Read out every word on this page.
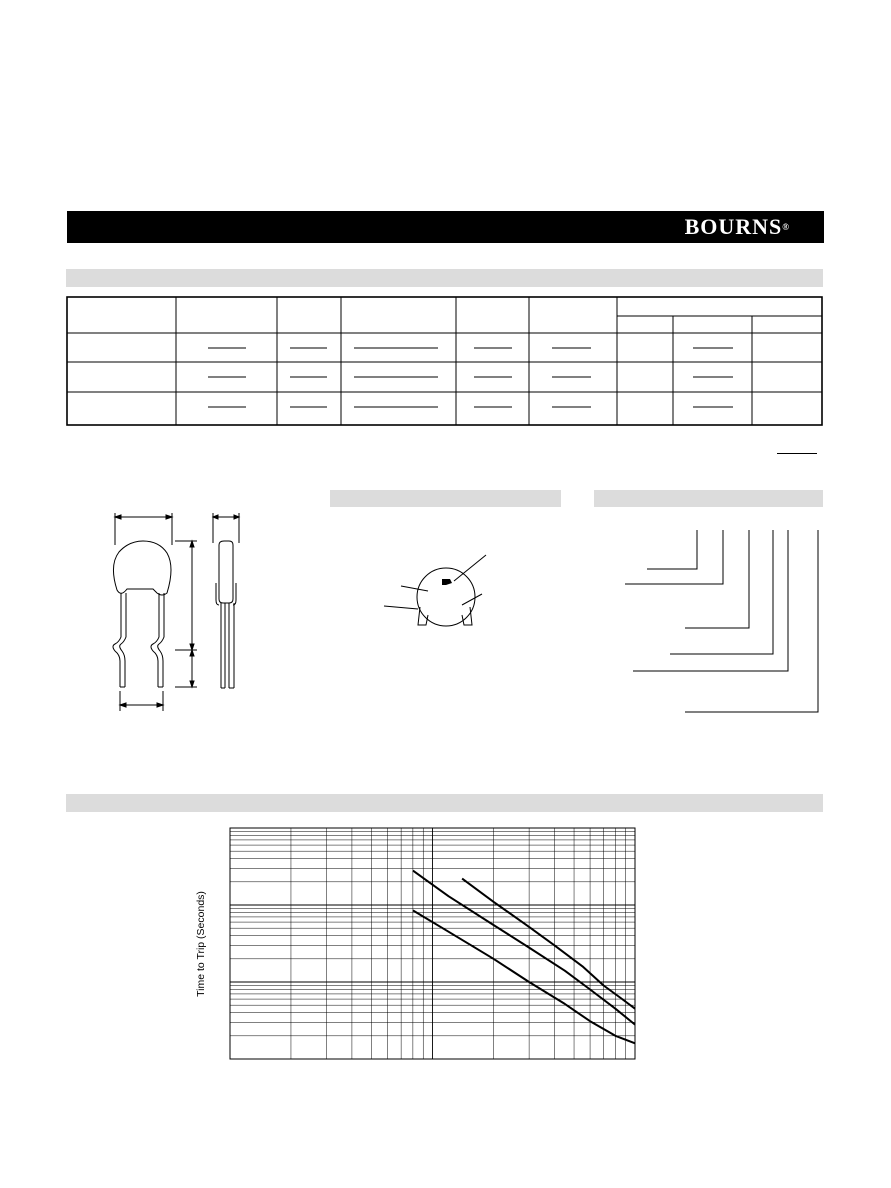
BOURNS®
Time to Trip (Seconds)
